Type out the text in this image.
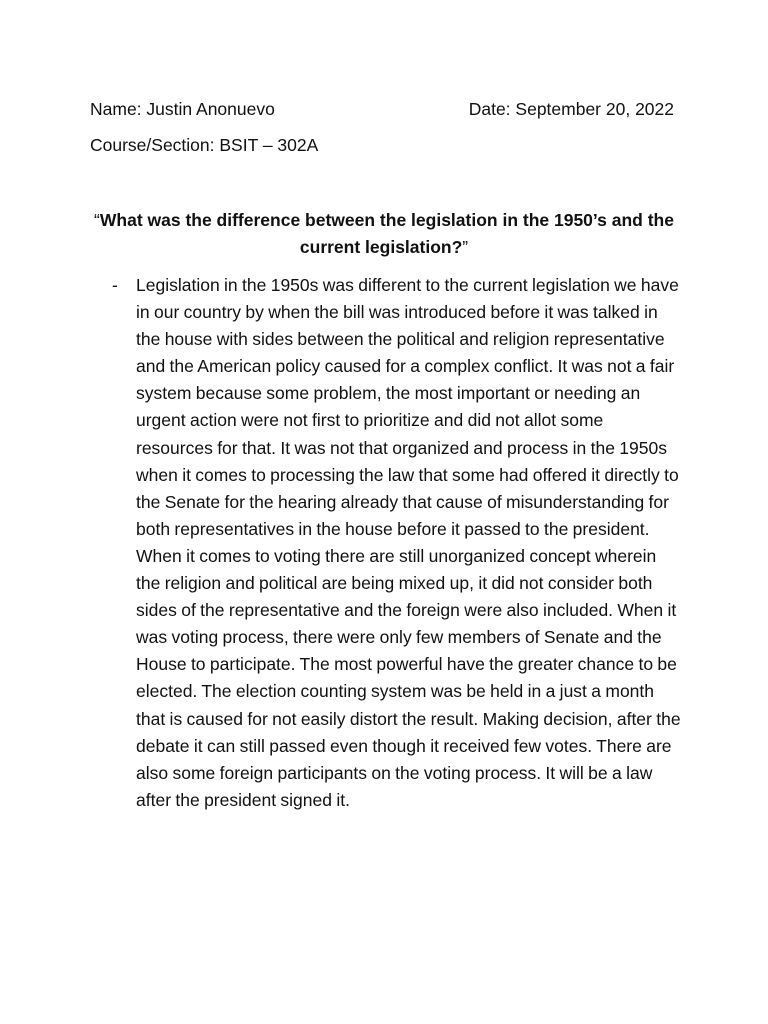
Name: Justin Anonuevo	Date: September 20, 2022
Course/Section: BSIT – 302A
“What was the difference between the legislation in the 1950’s and the current legislation?”
-	Legislation in the 1950s was different to the current legislation we have in our country by when the bill was introduced before it was talked in the house with sides between the political and religion representative and the American policy caused for a complex conflict. It was not a fair system because some problem, the most important or needing an urgent action were not first to prioritize and did not allot some resources for that. It was not that organized and process in the 1950s when it comes to processing the law that some had offered it directly to the Senate for the hearing already that cause of misunderstanding for both representatives in the house before it passed to the president. When it comes to voting there are still unorganized concept wherein the religion and political are being mixed up, it did not consider both sides of the representative and the foreign were also included. When it was voting process, there were only few members of Senate and the House to participate. The most powerful have the greater chance to be elected. The election counting system was be held in a just a month that is caused for not easily distort the result. Making decision, after the debate it can still passed even though it received few votes. There are also some foreign participants on the voting process. It will be a law after the president signed it.
